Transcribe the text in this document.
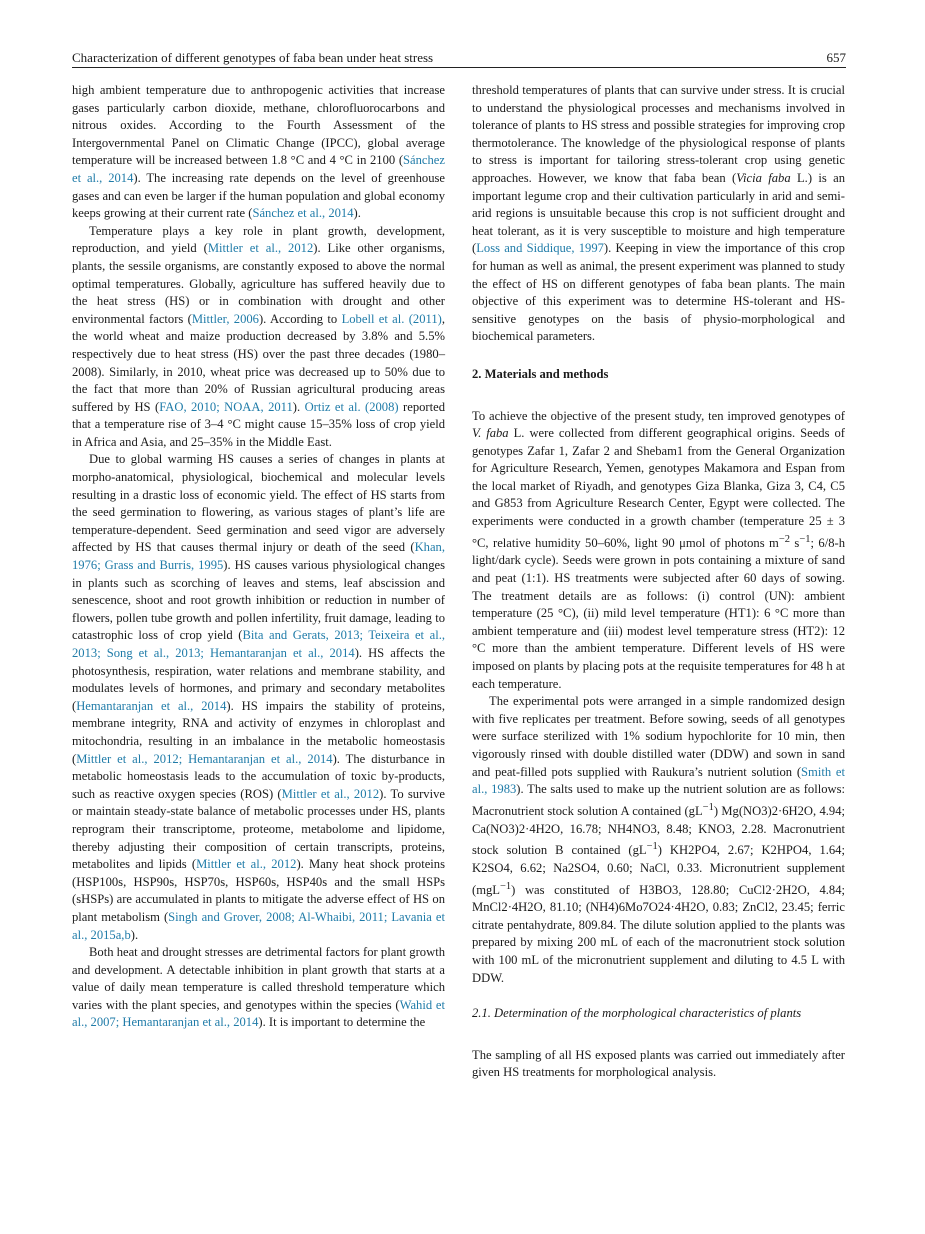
Characterization of different genotypes of faba bean under heat stress	657

high ambient temperature due to anthropogenic activities that increase gases particularly carbon dioxide, methane, chlorofluorocarbons and nitrous oxides. According to the Fourth Assessment of the Intergovernmental Panel on Climatic Change (IPCC), global average temperature will be increased between 1.8 °C and 4 °C in 2100 (Sánchez et al., 2014). The increasing rate depends on the level of greenhouse gases and can even be larger if the human population and global economy keeps growing at their current rate (Sánchez et al., 2014).

Temperature plays a key role in plant growth, development, reproduction, and yield (Mittler et al., 2012). Like other organisms, plants, the sessile organisms, are constantly exposed to above the normal optimal temperatures. Globally, agriculture has suffered heavily due to the heat stress (HS) or in combination with drought and other environmental factors (Mittler, 2006). According to Lobell et al. (2011), the world wheat and maize production decreased by 3.8% and 5.5% respectively due to heat stress (HS) over the past three decades (1980–2008). Similarly, in 2010, wheat price was decreased up to 50% due to the fact that more than 20% of Russian agricultural producing areas suffered by HS (FAO, 2010; NOAA, 2011). Ortiz et al. (2008) reported that a temperature rise of 3–4 °C might cause 15–35% loss of crop yield in Africa and Asia, and 25–35% in the Middle East.

Due to global warming HS causes a series of changes in plants at morpho-anatomical, physiological, biochemical and molecular levels resulting in a drastic loss of economic yield. The effect of HS starts from the seed germination to flowering, as various stages of plant’s life are temperature-dependent. Seed germination and seed vigor are adversely affected by HS that causes thermal injury or death of the seed (Khan, 1976; Grass and Burris, 1995). HS causes various physiological changes in plants such as scorching of leaves and stems, leaf abscission and senescence, shoot and root growth inhibition or reduction in number of flowers, pollen tube growth and pollen infertility, fruit damage, leading to catastrophic loss of crop yield (Bita and Gerats, 2013; Teixeira et al., 2013; Song et al., 2013; Hemantaranjan et al., 2014). HS affects the photosynthesis, respiration, water relations and membrane stability, and modulates levels of hormones, and primary and secondary metabolites (Hemantaranjan et al., 2014). HS impairs the stability of proteins, membrane integrity, RNA and activity of enzymes in chloroplast and mitochondria, resulting in an imbalance in the metabolic homeostasis (Mittler et al., 2012; Hemantaranjan et al., 2014). The disturbance in metabolic homeostasis leads to the accumulation of toxic by-products, such as reactive oxygen species (ROS) (Mittler et al., 2012). To survive or maintain steady-state balance of metabolic processes under HS, plants reprogram their transcriptome, proteome, metabolome and lipidome, thereby adjusting their composition of certain transcripts, proteins, metabolites and lipids (Mittler et al., 2012). Many heat shock proteins (HSP100s, HSP90s, HSP70s, HSP60s, HSP40s and the small HSPs (sHSPs) are accumulated in plants to mitigate the adverse effect of HS on plant metabolism (Singh and Grover, 2008; Al-Whaibi, 2011; Lavania et al., 2015a,b).

Both heat and drought stresses are detrimental factors for plant growth and development. A detectable inhibition in plant growth that starts at a value of daily mean temperature is called threshold temperature which varies with the plant species, and genotypes within the species (Wahid et al., 2007; Hemantaranjan et al., 2014). It is important to determine the

threshold temperatures of plants that can survive under stress. It is crucial to understand the physiological processes and mechanisms involved in tolerance of plants to HS stress and possible strategies for improving crop thermotolerance. The knowledge of the physiological response of plants to stress is important for tailoring stress-tolerant crop using genetic approaches. However, we know that faba bean (Vicia faba L.) is an important legume crop and their cultivation particularly in arid and semi-arid regions is unsuitable because this crop is not sufficient drought and heat tolerant, as it is very susceptible to moisture and high temperature (Loss and Siddique, 1997). Keeping in view the importance of this crop for human as well as animal, the present experiment was planned to study the effect of HS on different genotypes of faba bean plants. The main objective of this experiment was to determine HS-tolerant and HS-sensitive genotypes on the basis of physio-morphological and biochemical parameters.

2. Materials and methods

To achieve the objective of the present study, ten improved genotypes of V. faba L. were collected from different geographical origins. Seeds of genotypes Zafar 1, Zafar 2 and Shebam1 from the General Organization for Agriculture Research, Yemen, genotypes Makamora and Espan from the local market of Riyadh, and genotypes Giza Blanka, Giza 3, C4, C5 and G853 from Agriculture Research Center, Egypt were collected. The experiments were conducted in a growth chamber (temperature 25 ± 3 °C, relative humidity 50–60%, light 90 μmol of photons $m^{-2}$ $s^{-1}$; 6/8-h light/dark cycle). Seeds were grown in pots containing a mixture of sand and peat (1:1). HS treatments were subjected after 60 days of sowing. The treatment details are as follows: (i) control (UN): ambient temperature (25 °C), (ii) mild level temperature (HT1): 6 °C more than ambient temperature and (iii) modest level temperature stress (HT2): 12 °C more than the ambient temperature. Different levels of HS were imposed on plants by placing pots at the requisite temperatures for 48 h at each temperature.

The experimental pots were arranged in a simple randomized design with five replicates per treatment. Before sowing, seeds of all genotypes were surface sterilized with 1% sodium hypochlorite for 10 min, then vigorously rinsed with double distilled water (DDW) and sown in sand and peat-filled pots supplied with Raukura’s nutrient solution (Smith et al., 1983). The salts used to make up the nutrient solution are as follows: Macronutrient stock solution A contained $(gL^{-1})$ Mg(NO3)2·6H2O, 4.94; Ca(NO3)2·4H2O, 16.78; NH4NO3, 8.48; KNO3, 2.28. Macronutrient stock solution B contained $(gL^{-1})$ KH2PO4, 2.67; K2HPO4, 1.64; K2SO4, 6.62; Na2SO4, 0.60; NaCl, 0.33. Micronutrient supplement (mgL$^{-1}$) was constituted of H3BO3, 128.80; CuCl2·2H2O, 4.84; MnCl2·4H2O, 81.10; (NH4)6Mo7O24·4H2O, 0.83; ZnCl2, 23.45; ferric citrate pentahydrate, 809.84. The dilute solution applied to the plants was prepared by mixing 200 mL of each of the macronutrient stock solution with 100 mL of the micronutrient supplement and diluting to 4.5 L with DDW.

2.1. Determination of the morphological characteristics of plants

The sampling of all HS exposed plants was carried out immediately after given HS treatments for morphological analysis.
